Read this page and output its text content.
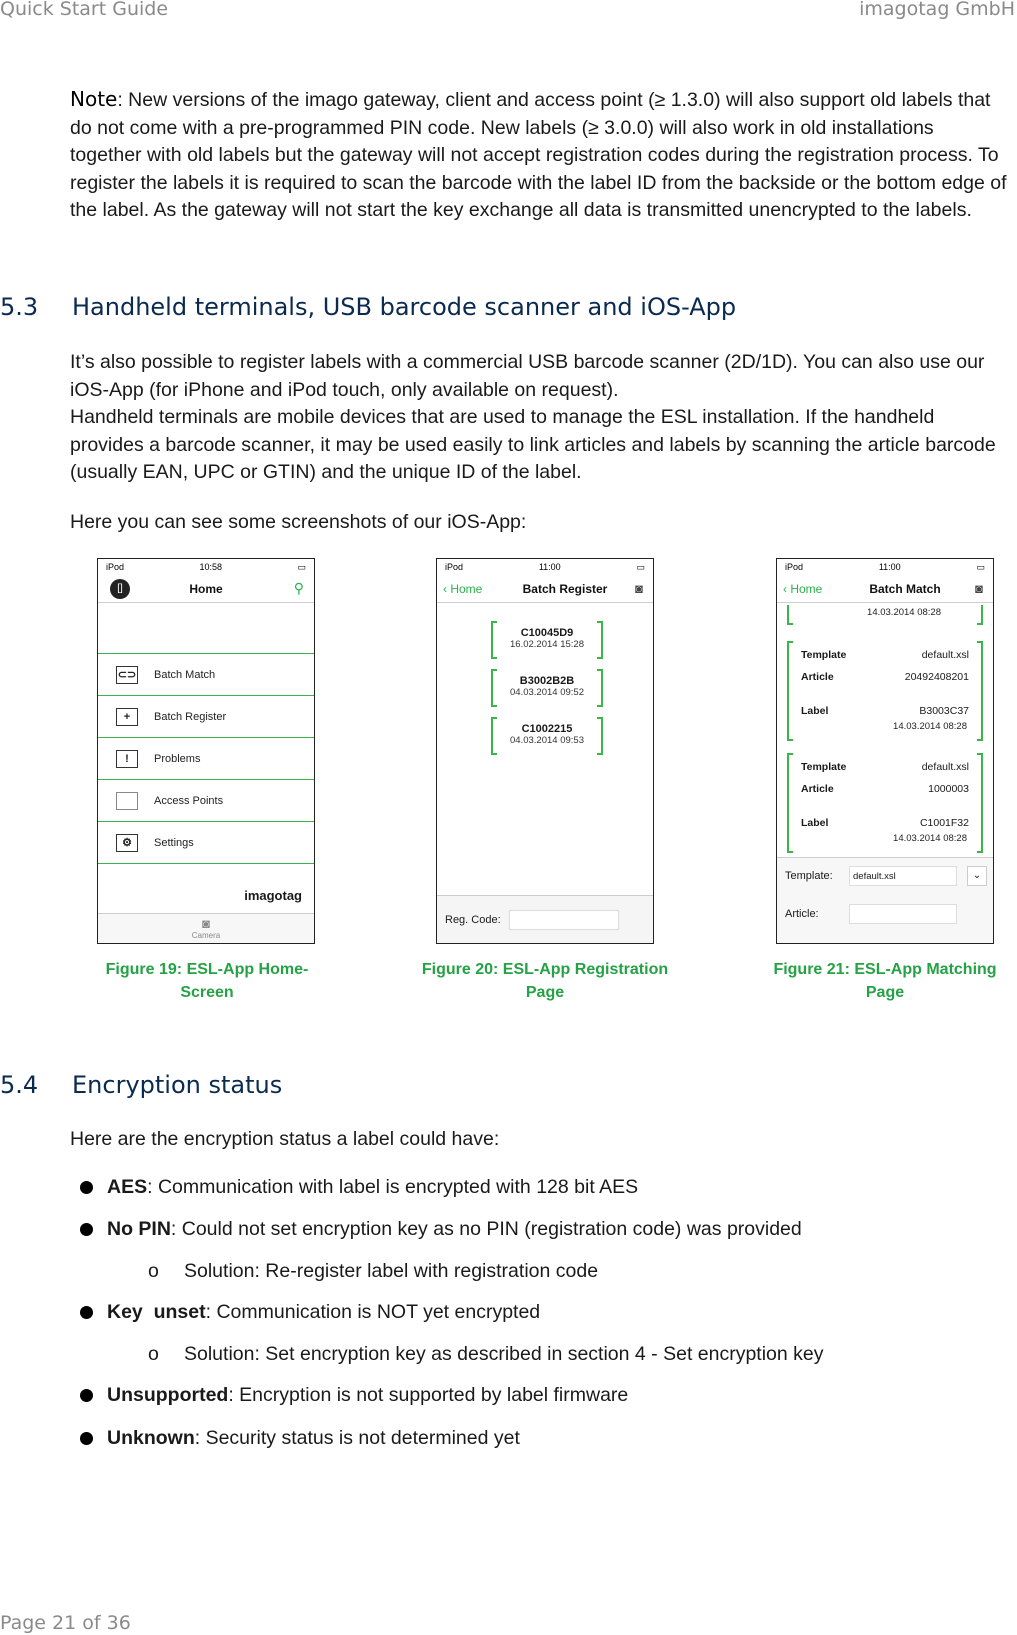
Quick Start Guide	imagotag GmbH
Note: New versions of the imago gateway, client and access point (≥ 1.3.0) will also support old labels that do not come with a pre-programmed PIN code. New labels (≥ 3.0.0) will also work in old installations together with old labels but the gateway will not accept registration codes during the registration process. To register the labels it is required to scan the barcode with the label ID from the backside or the bottom edge of the label. As the gateway will not start the key exchange all data is transmitted unencrypted to the labels.
5.3 Handheld terminals, USB barcode scanner and iOS-App
It’s also possible to register labels with a commercial USB barcode scanner (2D/1D). You can also use our iOS-App (for iPhone and iPod touch, only available on request).
Handheld terminals are mobile devices that are used to manage the ESL installation. If the handheld provides a barcode scanner, it may be used easily to link articles and labels by scanning the article barcode (usually EAN, UPC or GTIN) and the unique ID of the label.
Here you can see some screenshots of our iOS-App:
iPod	10:58	▭
[]	Home	⚲
⊂⊃ Batch Match
+	Batch Register
!	Problems
Access Points
⚙	Settings
imagotag
◙
Camera
iPod	11:00	▭
‹ Home	Batch Register	◙
C10045D9
16.02.2014 15:28
B3002B2B
04.03.2014 09:52
C1002215
04.03.2014 09:53
Reg. Code:
iPod	11:00	▭
‹ Home	Batch Match	◙
14.03.2014 08:28
Template	default.xsl
Article	20492408201
Label	B3003C37
14.03.2014 08:28
Template	default.xsl
Article	1000003
Label	C1001F32
14.03.2014 08:28
Template:	default.xsl	⌄
Article:
Figure 19: ESL-App Home-
Screen
Figure 20: ESL-App Registration
Page
Figure 21: ESL-App Matching
Page
5.4 Encryption status
Here are the encryption status a label could have:
AES : Communication with label is encrypted with 128 bit AES
No PIN : Could not set encryption key as no PIN (registration code) was provided
o Solution: Re-register label with registration code
Key  unset : Communication is NOT yet encrypted
o Solution: Set encryption key as described in section 4 - Set encryption key
Unsupported : Encryption is not supported by label firmware
Unknown : Security status is not determined yet
Page 21 of 36
